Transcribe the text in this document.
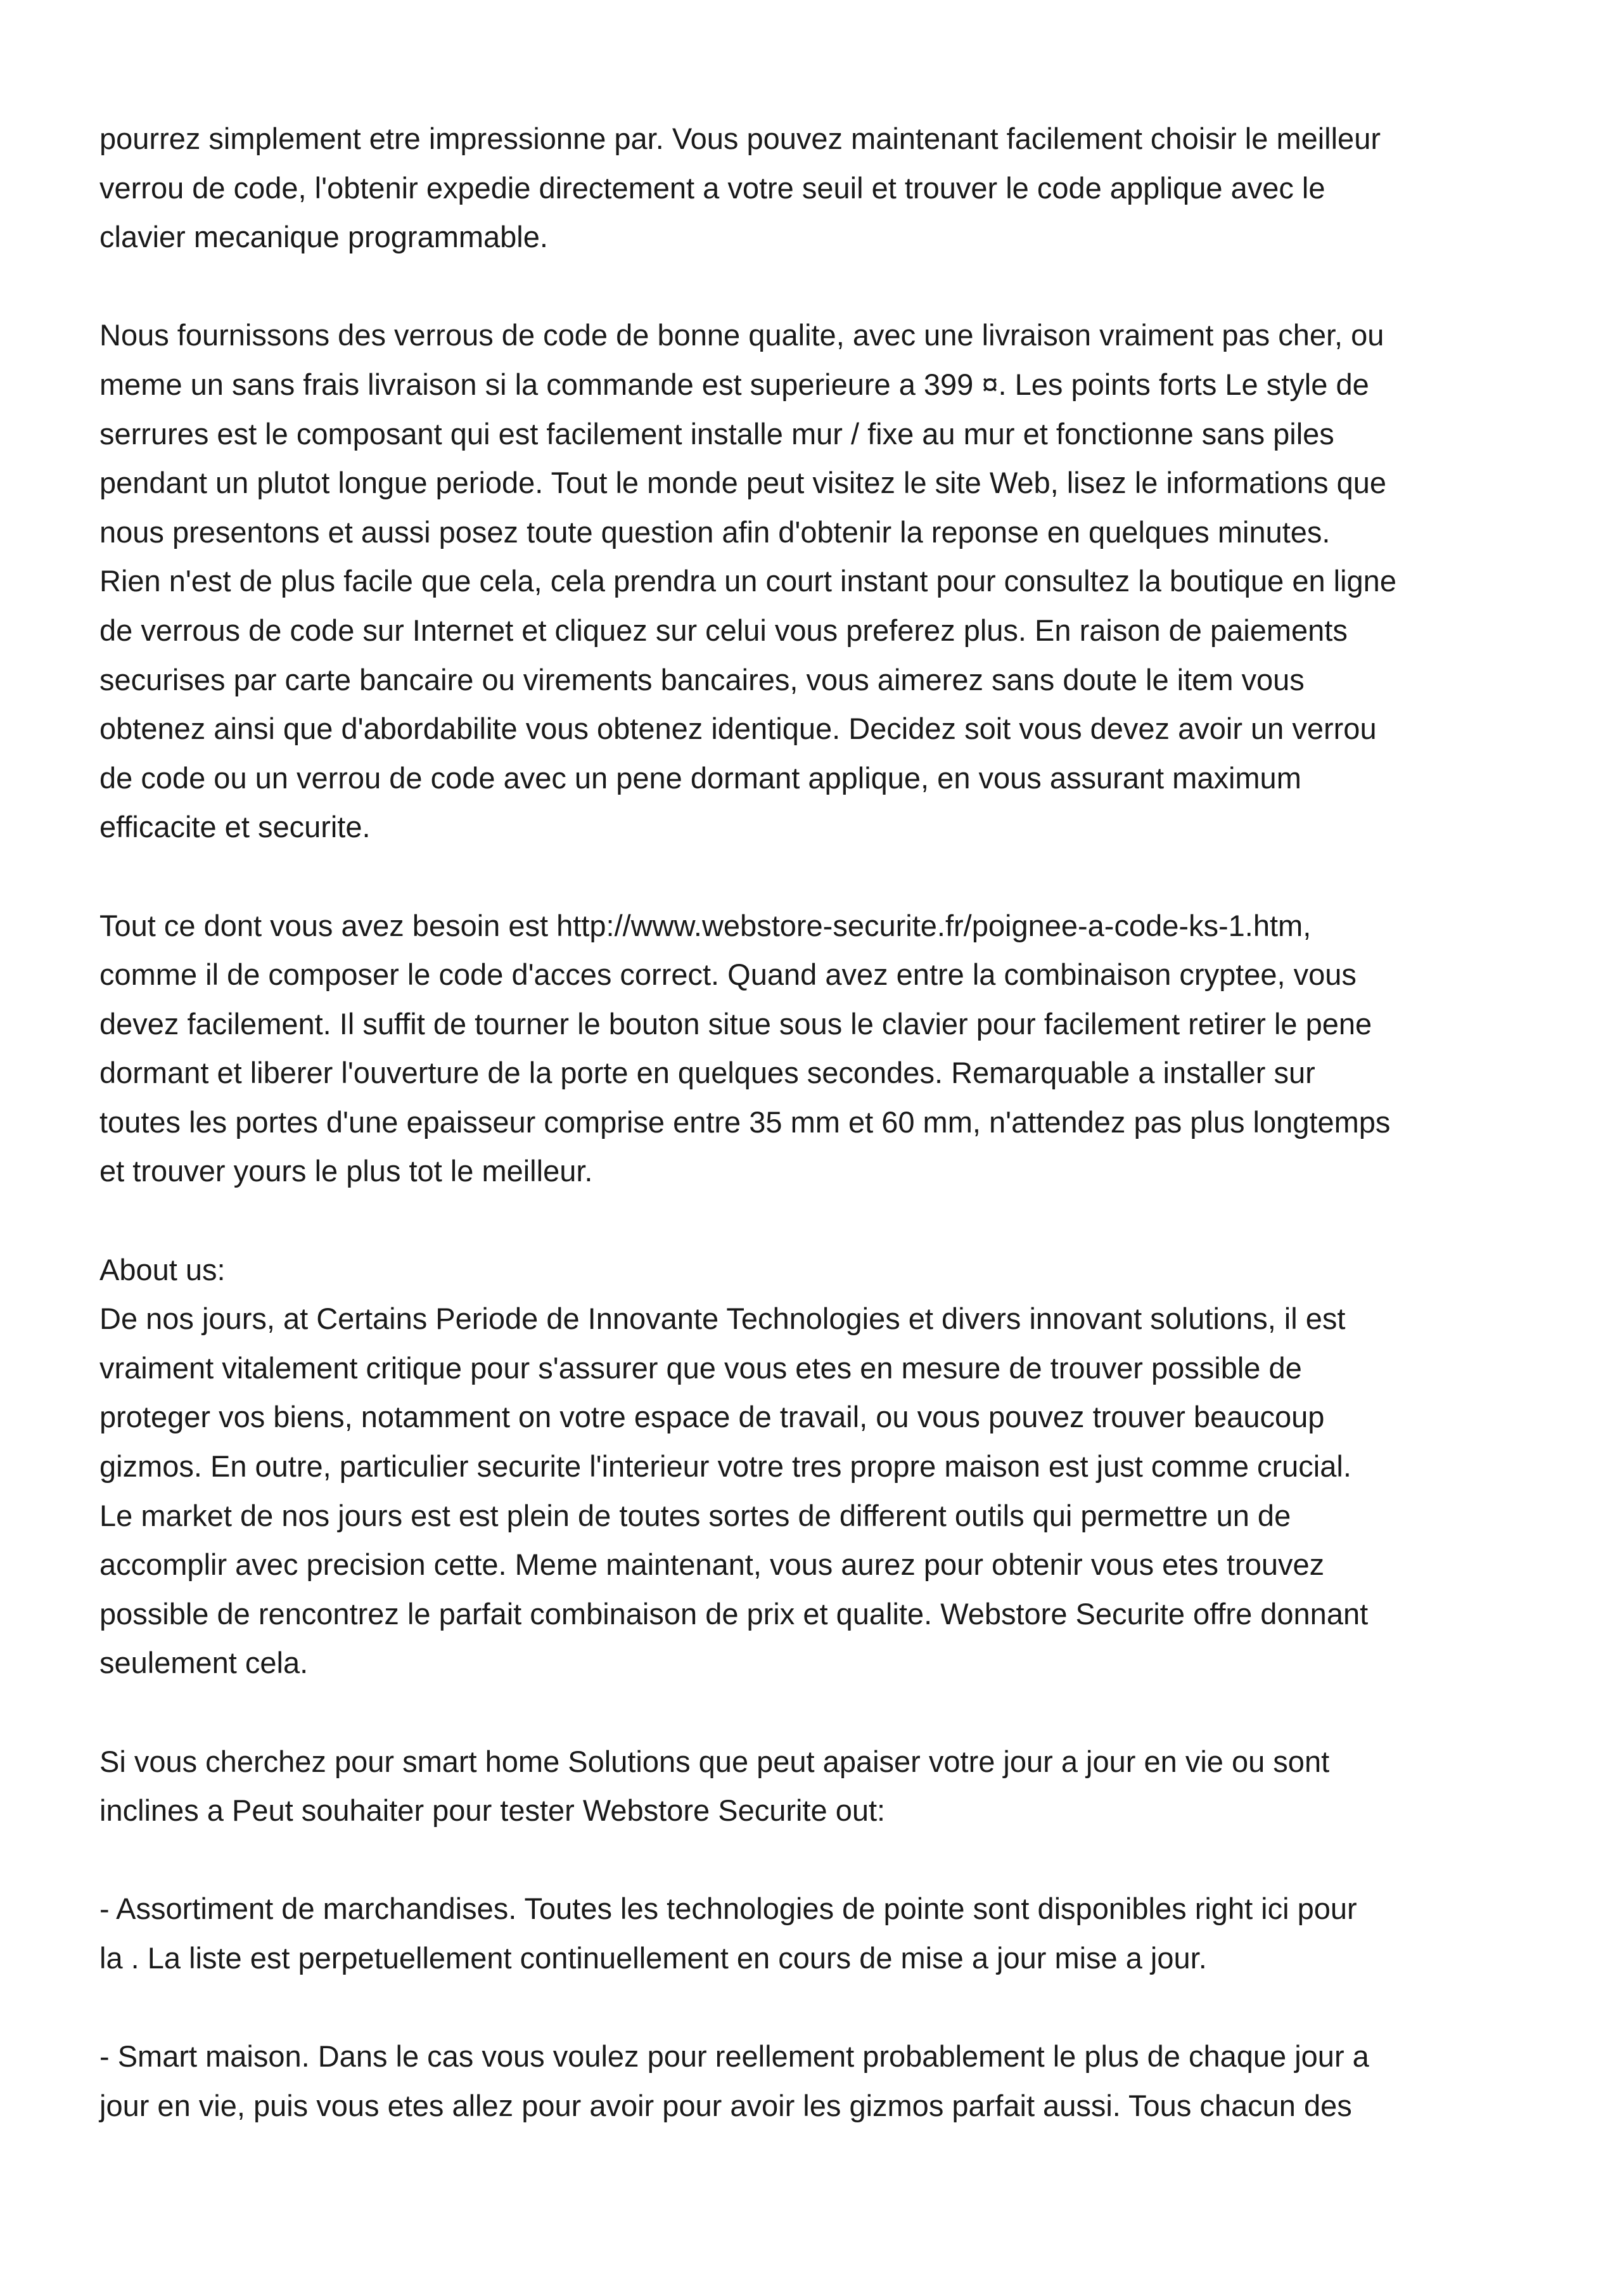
pourrez simplement etre impressionne par. Vous pouvez maintenant facilement choisir le meilleur
verrou de code, l'obtenir expedie directement a votre seuil et trouver le code applique avec le
clavier mecanique programmable.

Nous fournissons des verrous de code de bonne qualite, avec une livraison vraiment pas cher, ou
meme un sans frais livraison si la commande est superieure a 399 ¤. Les points forts Le style de
serrures est le composant qui est facilement installe mur / fixe au mur et fonctionne sans piles
pendant un plutot longue periode. Tout le monde peut visitez le site Web, lisez le informations que
nous presentons et aussi posez toute question afin d'obtenir la reponse en quelques minutes.
Rien n'est de plus facile que cela, cela prendra un court instant pour consultez la boutique en ligne
de verrous de code sur Internet et cliquez sur celui vous preferez plus. En raison de paiements
securises par carte bancaire ou virements bancaires, vous aimerez sans doute le item vous
obtenez ainsi que d'abordabilite vous obtenez identique. Decidez soit vous devez avoir un verrou
de code ou un verrou de code avec un pene dormant applique, en vous assurant maximum
efficacite et securite.

Tout ce dont vous avez besoin est http://www.webstore-securite.fr/poignee-a-code-ks-1.htm,
comme il de composer le code d'acces correct. Quand avez entre la combinaison cryptee, vous
devez facilement. Il suffit de tourner le bouton situe sous le clavier pour facilement retirer le pene
dormant et liberer l'ouverture de la porte en quelques secondes. Remarquable a installer sur
toutes les portes d'une epaisseur comprise entre 35 mm et 60 mm, n'attendez pas plus longtemps
et trouver yours le plus tot le meilleur.

About us:

De nos jours, at Certains Periode de Innovante Technologies et divers innovant solutions, il est
vraiment vitalement critique pour s'assurer que vous etes en mesure de trouver possible de
proteger vos biens, notamment on votre espace de travail, ou vous pouvez trouver beaucoup
gizmos. En outre, particulier securite l'interieur votre tres propre maison est just comme crucial.
Le market de nos jours est est plein de toutes sortes de different outils qui permettre un de
accomplir avec precision cette. Meme maintenant, vous aurez pour obtenir vous etes trouvez
possible de rencontrez le parfait combinaison de prix et qualite. Webstore Securite offre donnant
seulement cela.

Si vous cherchez pour smart home Solutions que peut apaiser votre jour a jour en vie ou sont
inclines a Peut souhaiter pour tester Webstore Securite out:

- Assortiment de marchandises. Toutes les technologies de pointe sont disponibles right ici pour
la . La liste est perpetuellement continuellement en cours de mise a jour mise a jour.

- Smart maison. Dans le cas vous voulez pour reellement probablement le plus de chaque jour a
jour en vie, puis vous etes allez pour avoir pour avoir les gizmos parfait aussi. Tous chacun des
